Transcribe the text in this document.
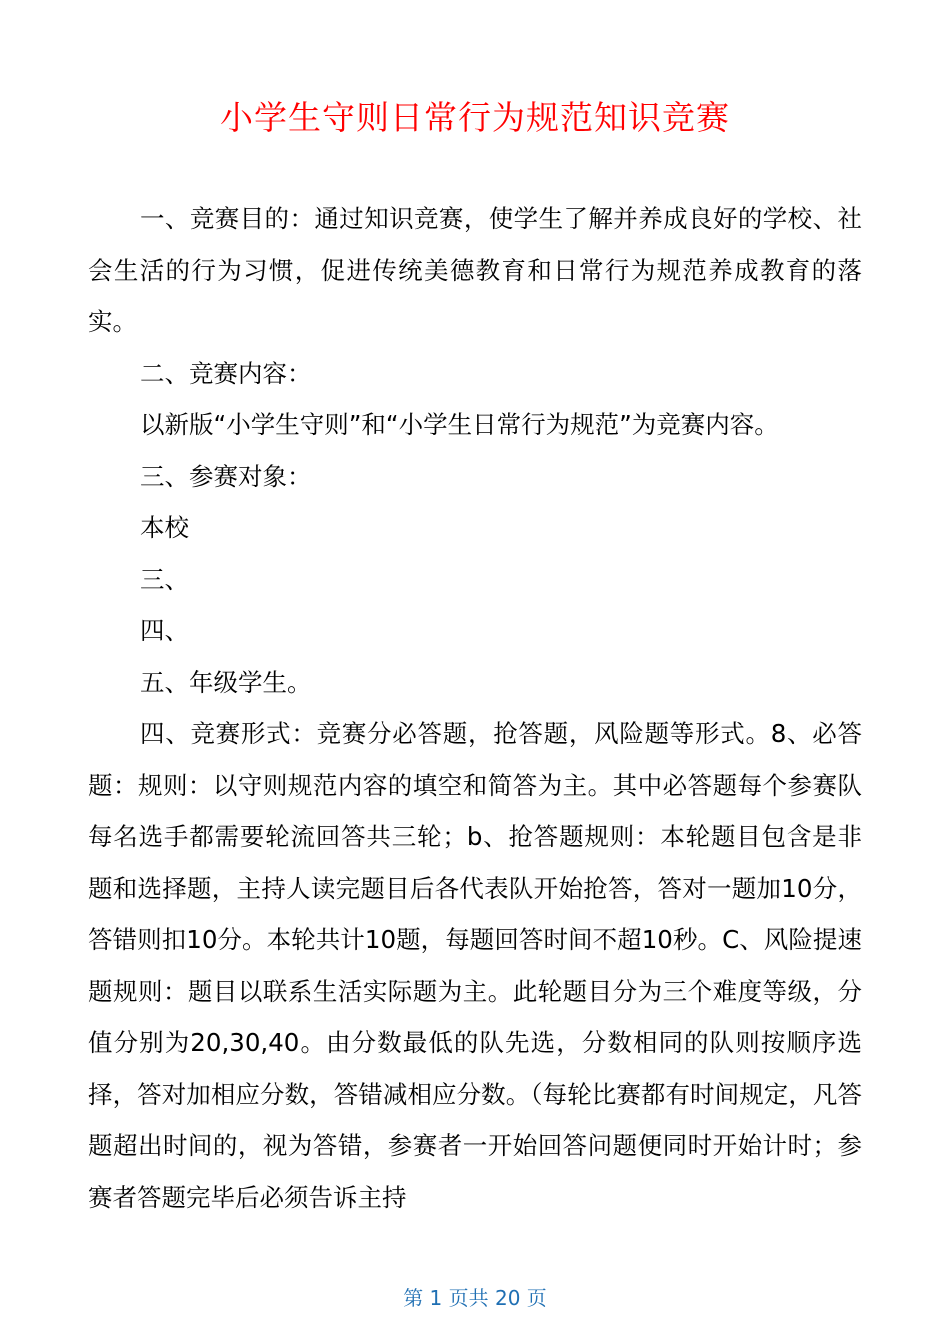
小学生守则日常行为规范知识竞赛

一、竞赛目的：通过知识竞赛，使学生了解并养成良好的学校、社会生活的行为习惯，促进传统美德教育和日常行为规范养成教育的落实。

二、竞赛内容：

以新版“小学生守则”和“小学生日常行为规范”为竞赛内容。

三、参赛对象：

本校

三、

四、

五、年级学生。

四、竞赛形式：竞赛分必答题，抢答题，风险题等形式。8、必答题：规则：以守则规范内容的填空和简答为主。其中必答题每个参赛队每名选手都需要轮流回答共三轮；b、抢答题规则：本轮题目包含是非题和选择题，主持人读完题目后各代表队开始抢答，答对一题加10分，答错则扣10分。本轮共计10题，每题回答时间不超10秒。C、风险提速题规则：题目以联系生活实际题为主。此轮题目分为三个难度等级，分值分别为20,30,40。由分数最低的队先选，分数相同的队则按顺序选择，答对加相应分数，答错减相应分数。（每轮比赛都有时间规定，凡答题超出时间的，视为答错，参赛者一开始回答问题便同时开始计时；参赛者答题完毕后必须告诉主持

第 1 页共 20 页
